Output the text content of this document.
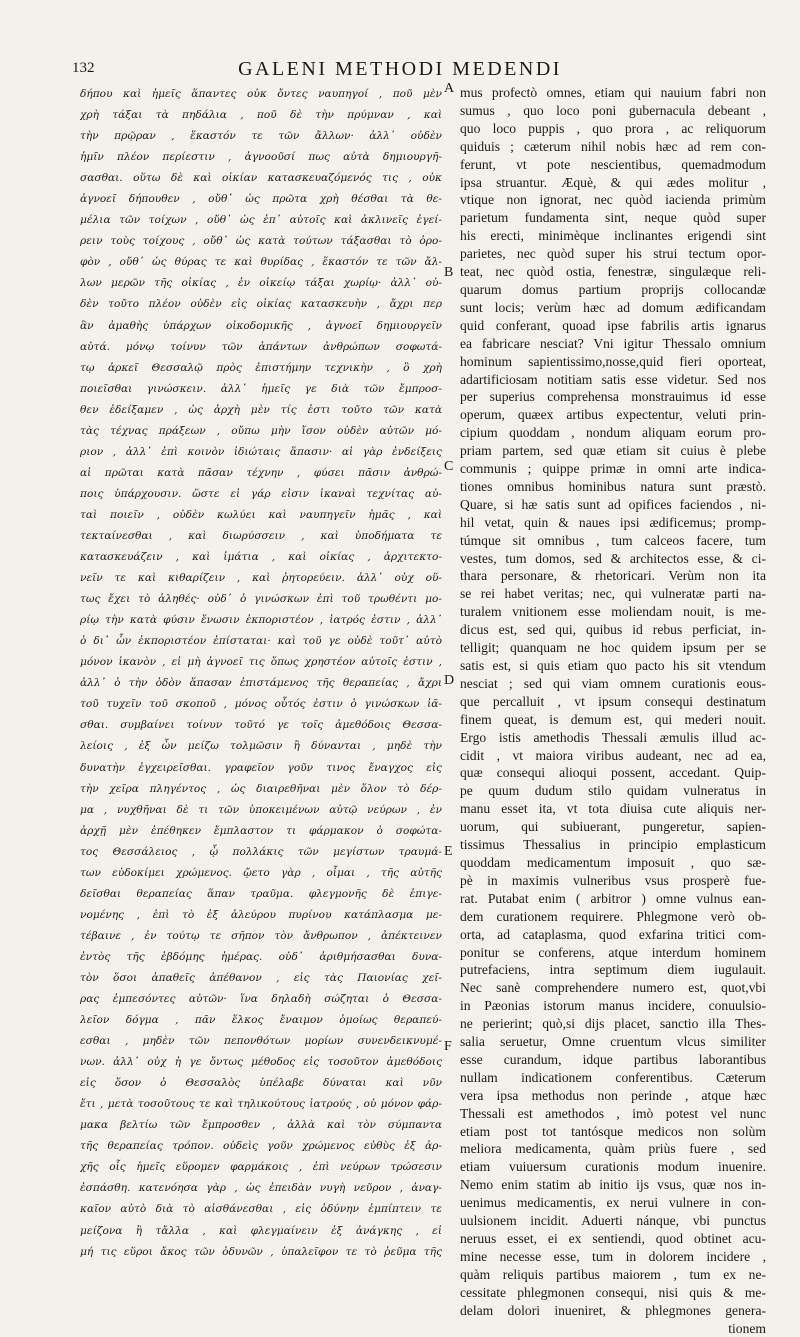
132	GALENI METHODI MEDENDI
δήπου καὶ ἡμεῖς ἅπαντες οὐκ ὄντες ναυπηγοί , ποῦ μὲν
χρὴ τάξαι τὰ πηδάλια , ποῦ δὲ τὴν πρύμναν , καὶ
τὴν πρῷραν , ἕκαστόν τε τῶν ἄλλων· ἀλλ᾽ οὐδὲν
ἡμῖν πλέον περίεστιν , ἀγνοοῦσί πως αὐτὰ δημιουργῆ-
σασθαι. οὕτω δὲ καὶ οἰκίαν κατασκευαζόμενός τις , οὐκ
ἀγνοεῖ δήπουθεν , οὔθ᾽ ὡς πρῶτα χρὴ θέσθαι τὰ θε-
μέλια τῶν τοίχων , οὔθ᾽ ὡς ἐπ᾽ αὐτοῖς καὶ ἀκλινεῖς ἐγεί-
ρειν τοὺς τοίχους , οὔθ᾽ ὡς κατὰ τούτων τάξασθαι τὸ ὀρο-
φὸν , οὔθ᾽ ὡς θύρας τε καὶ θυρίδας , ἕκαστόν τε τῶν ἄλ-
λων μερῶν τῆς οἰκίας , ἐν οἰκείῳ τάξαι χωρίῳ· ἀλλ᾽ οὐ-
δὲν τοῦτο πλέον οὐδὲν εἰς οἰκίας κατασκευὴν , ἄχρι περ
ἂν ἀμαθὴς ὑπάρχων οἰκοδομικῆς , ἀγνοεῖ δημιουργεῖν
αὐτά. μόνῳ τοίνυν τῶν ἁπάντων ἀνθρώπων σοφωτά-
τῳ ἀρκεῖ Θεσσαλῷ πρὸς ἐπιστήμην τεχνικὴν , ὃ χρὴ
ποιεῖσθαι γινώσκειν. ἀλλ᾽ ἡμεῖς γε διὰ τῶν ἔμπροσ-
θεν ἐδείξαμεν , ὡς ἀρχὴ μὲν τίς ἐστι τοῦτο τῶν κατὰ
τὰς τέχνας πράξεων , οὔπω μὴν ἴσον οὐδὲν αὐτῶν μό-
ριον , ἀλλ᾽ ἐπὶ κοινὸν ἰδιώταις ἅπασιν· αἱ γὰρ ἐνδείξεις
αἱ πρῶται κατὰ πᾶσαν τέχνην , φύσει πᾶσιν ἀνθρώ-
ποις ὑπάρχουσιν. ὥστε εἰ γάρ εἰσιν ἱκαναὶ τεχνίτας αὐ-
ταὶ ποιεῖν , οὐδὲν κωλύει καὶ ναυπηγεῖν ἡμᾶς , καὶ
τεκταίνεσθαι , καὶ διωρύσσειν , καὶ ὑποδήματα τε
κατασκευάζειν , καὶ ἱμάτια , καὶ οἰκίας , ἀρχιτεκτο-
νεῖν τε καὶ κιθαρίζειν , καὶ ῥητορεύειν. ἀλλ᾽ οὐχ οὕ-
τως ἔχει τὸ ἀληθές· οὐδ᾽ ὁ γινώσκων ἐπὶ τοῦ τρωθέντι μο-
ρίῳ τὴν κατὰ φύσιν ἕνωσιν ἐκποριστέον , ἰατρός ἐστιν , ἀλλ᾽
ὁ δι᾽ ὧν ἐκποριστέον ἐπίσταται· καὶ τοῦ γε οὐδὲ τοῦτ᾽ αὐτὸ
μόνον ἱκανὸν , εἰ μὴ ἀγνοεῖ τις ὅπως χρηστέον αὐτοῖς ἐστιν ,
ἀλλ᾽ ὁ τὴν ὁδὸν ἅπασαν ἐπιστάμενος τῆς θεραπείας , ἄχρι
τοῦ τυχεῖν τοῦ σκοποῦ , μόνος οὗτός ἐστιν ὁ γινώσκων ἰᾶ-
σθαι. συμβαίνει τοίνυν τοῦτό γε τοῖς ἀμεθόδοις Θεσσα-
λείοις , ἐξ ὧν μείζω τολμῶσιν ἢ δύνανται , μηδὲ τὴν
δυνατὴν ἐγχειρεῖσθαι. γραφεῖον γοῦν τινος ἔναγχος εἰς
τὴν χεῖρα πληγέντος , ὡς διαιρεθῆναι μὲν ὅλον τὸ δέρ-
μα , νυχθῆναι δὲ τι τῶν ὑποκειμένων αὐτῷ νεύρων , ἐν
ἀρχῇ μὲν ἐπέθηκεν ἔμπλαστον τι φάρμακον ὁ σοφώτα-
τος Θεσσάλειος , ᾧ πολλάκις τῶν μεγίστων τραυμά-
των εὐδοκίμει χρώμενος. ᾤετο γὰρ , οἶμαι , τῆς αὐτῆς
δεῖσθαι θεραπείας ἅπαν τραῦμα. φλεγμονῆς δὲ ἐπιγε-
νομένης , ἐπὶ τὸ ἐξ ἀλεύρου πυρίνου κατάπλασμα με-
τέβαινε , ἐν τούτῳ τε σῆπον τὸν ἄνθρωπον , ἀπέκτεινεν
ἐντὸς τῆς ἑβδόμης ἡμέρας. οὐδ᾽ ἀριθμήσασθαι δυνα-
τὸν ὅσοι ἀπαθεῖς ἀπέθανον , εἰς τὰς Παιονίας χεῖ-
ρας ἐμπεσόντες αὐτῶν· ἵνα δηλαδὴ σώζηται ὁ Θεσσα-
λεῖον δόγμα , πᾶν ἕλκος ἔναιμον ὁμοίως θεραπεύ-
εσθαι , μηδὲν τῶν πεπονθότων μορίων συνενδεικνυμέ-
νων. ἀλλ᾽ οὐχ ἡ γε ὄντως μέθοδος εἰς τοσοῦτον ἀμεθόδοις
εἰς ὅσον ὁ Θεσσαλὸς ὑπέλαβε δύναται καὶ νῦν
ἔτι , μετὰ τοσοῦτους τε καὶ τηλικούτους ἰατρούς , οὐ μόνον φάρ-
μακα βελτίω τῶν ἔμπροσθεν , ἀλλὰ καὶ τὸν σύμπαντα
τῆς θεραπείας τρόπον. οὐδεὶς γοῦν χρώμενος εὐθὺς ἐξ ἀρ-
χῆς οἷς ἡμεῖς εὕρομεν φαρμάκοις , ἐπὶ νεύρων τρώσεσιν
ἐσπάσθη. κατενόησα γὰρ , ὡς ἐπειδὰν νυγὴ νεῦρον , ἀναγ-
καῖον αὐτὸ διὰ τὸ αἰσθάνεσθαι , εἰς ὀδύνην ἐμπίπτειν τε
μείζονα ἢ τἄλλα , καὶ φλεγμαίνειν ἐξ ἀνάγκης , εἰ
μή τις εὕροι ἄκος τῶν ὀδυνῶν , ὑπαλεῖφον τε τὸ ῥεῦμα τῆς
A
B
C
D
E
F
mus profectò omnes, etiam qui nauium fabri non
sumus , quo loco poni gubernacula debeant ,
quo loco puppis , quo prora , ac reliquorum
quiduis ; cæterum nihil nobis hæc ad rem con-
ferunt, vt pote nescientibus, quemadmodum
ipsa struantur. Æquè, & qui ædes molitur ,
vtique non ignorat, nec quòd iacienda primùm
parietum fundamenta sint, neque quòd super
his erecti, minimèque inclinantes erigendi sint
parietes, nec quòd super his strui tectum opor-
teat, nec quòd ostia, fenestræ, singulæque reli-
quarum domus partium proprijs collocandæ
sunt locis; verùm hæc ad domum ædificandam
quid conferant, quoad ipse fabrilis artis ignarus
ea fabricare nesciat? Vni igitur Thessalo omnium
hominum sapientissimo,nosse,quid fieri oporteat,
adartificiosam notitiam satis esse videtur. Sed nos
per superius comprehensa monstrauimus id esse
operum, quæex artibus expectentur, veluti prin-
cipium quoddam , nondum aliquam eorum pro-
priam partem, sed quæ etiam sit cuius è plebe
communis ; quippe primæ in omni arte indica-
tiones omnibus hominibus natura sunt præstò.
Quare, si hæ satis sunt ad opifices faciendos , ni-
hil vetat, quin & naues ipsi ædificemus; promp-
túmque sit omnibus , tum calceos facere, tum
vestes, tum domos, sed & architectos esse, & ci-
thara personare, & rhetoricari. Verùm non ita
se rei habet veritas; nec, qui vulneratæ parti na-
turalem vnitionem esse moliendam nouit, is me-
dicus est, sed qui, quibus id rebus perficiat, in-
telligit; quanquam ne hoc quidem ipsum per se
satis est, si quis etiam quo pacto his sit vtendum
nesciat ; sed qui viam omnem curationis eous-
que percalluit , vt ipsum consequi destinatum
finem queat, is demum est, qui mederi nouit.
Ergo istis amethodis Thessali æmulis illud ac-
cidit , vt maiora viribus audeant, nec ad ea,
quæ consequi alioqui possent, accedant. Quip-
pe quum dudum stilo quidam vulneratus in
manu esset ita, vt tota diuisa cute aliquis ner-
uorum, qui subiuerant, pungeretur, sapien-
tissimus Thessalius in principio emplasticum
quoddam medicamentum imposuit , quo sæ-
pè in maximis vulneribus vsus prosperè fue-
rat. Putabat enim ( arbitror ) omne vulnus ean-
dem curationem requirere. Phlegmone verò ob-
orta, ad cataplasma, quod exfarina tritici com-
ponitur se conferens, atque interdum hominem
putrefaciens, intra septimum diem iugulauit.
Nec sanè comprehendere numero est, quot,vbi
in Pæonias istorum manus incidere, conuulsio-
ne perierint; quò,si dijs placet, sanctio illa Thes-
salia seruetur, Omne cruentum vlcus similiter
esse curandum, idque partibus laborantibus
nullam indicationem conferentibus. Cæterum
vera ipsa methodus non perinde , atque hæc
Thessali est amethodos , imò potest vel nunc
etiam post tot tantósque medicos non solùm
meliora medicamenta, quàm priùs fuere , sed
etiam vuiuersum curationis modum inuenire.
Nemo enim statim ab initio ijs vsus, quæ nos in-
uenimus medicamentis, ex nerui vulnere in con-
uulsionem incidit. Aduerti nánque, vbi punctus
neruus esset, ei ex sentiendi, quod obtinet acu-
mine necesse esse, tum in dolorem incidere ,
quàm reliquis partibus maiorem , tum ex ne-
cessitate phlegmonen consequi, nisi quis & me-
delam dolori inueniret, & phlegmones genera-
tionem
